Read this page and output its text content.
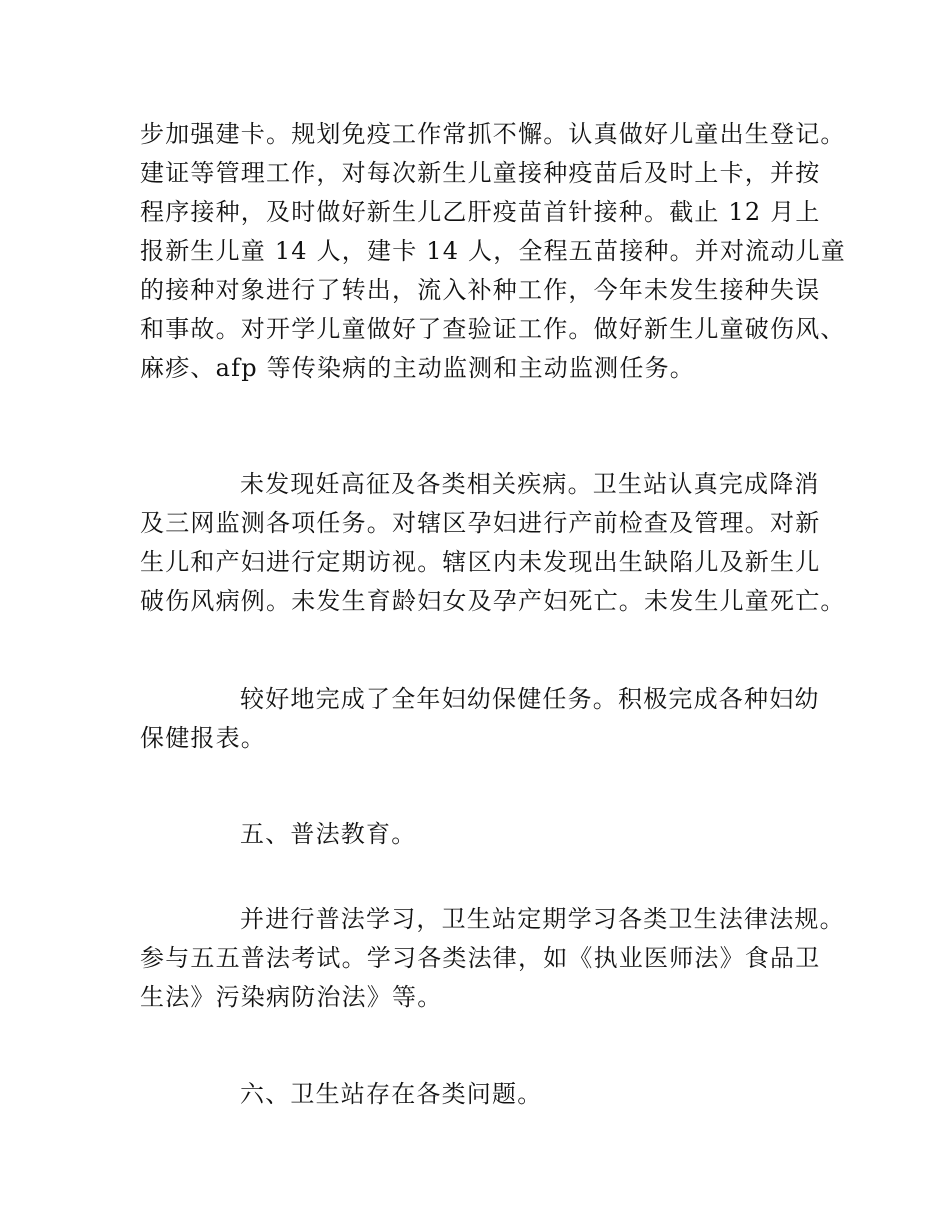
步加强建卡。规划免疫工作常抓不懈。认真做好儿童出生登记。
建证等管理工作，对每次新生儿童接种疫苗后及时上卡，并按
程序接种，及时做好新生儿乙肝疫苗首针接种。截止 12 月上
报新生儿童 14 人，建卡 14 人，全程五苗接种。并对流动儿童
的接种对象进行了转出，流入补种工作，今年未发生接种失误
和事故。对开学儿童做好了查验证工作。做好新生儿童破伤风、
麻疹、afp 等传染病的主动监测和主动监测任务。
未发现妊高征及各类相关疾病。卫生站认真完成降消
及三网监测各项任务。对辖区孕妇进行产前检查及管理。对新
生儿和产妇进行定期访视。辖区内未发现出生缺陷儿及新生儿
破伤风病例。未发生育龄妇女及孕产妇死亡。未发生儿童死亡。
较好地完成了全年妇幼保健任务。积极完成各种妇幼
保健报表。
五、普法教育。
并进行普法学习，卫生站定期学习各类卫生法律法规。
参与五五普法考试。学习各类法律，如《执业医师法》食品卫
生法》污染病防治法》等。
六、卫生站存在各类问题。
